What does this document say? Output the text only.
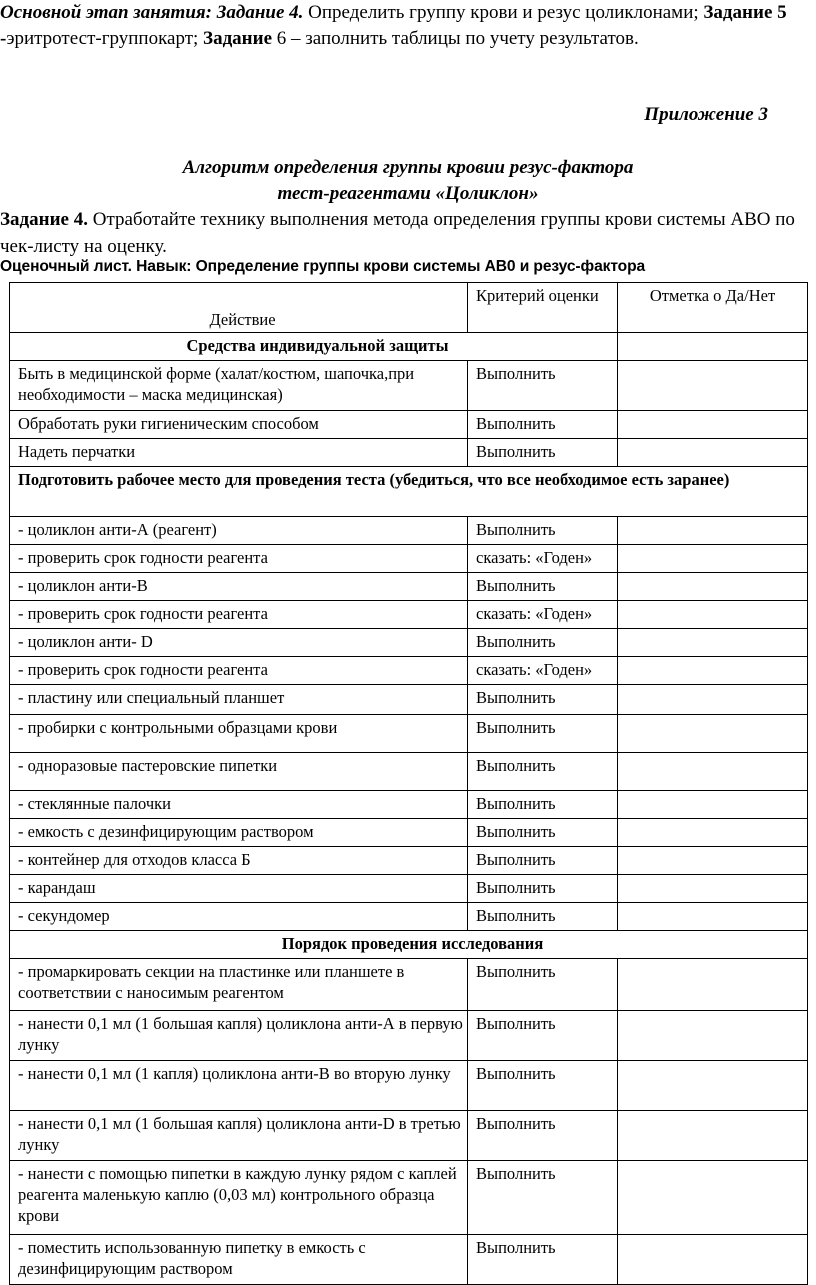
Основной этап занятия: Задание 4. Определить группу крови и резус цоликлонами; Задание 5 -эритротест-группокарт; Задание 6 – заполнить таблицы по учету результатов.
Приложение 3
Алгоритм определения группы кровии резус-фактора
тест-реагентами «Цоликлон»
Задание 4. Отработайте технику выполнения метода определения группы крови системы АВО по чек-листу на оценку.
Оценочный лист. Навык: Определение группы крови системы АВ0 и резус-фактора
Действие	Критерий оценки	Отметка о Да/Нет
Средства индивидуальной защиты		
Быть в медицинской форме (халат/костюм, шапочка,при необходимости – маска медицинская)	Выполнить	
Обработать руки гигиеническим способом	Выполнить	
Надеть перчатки	Выполнить	
Подготовить рабочее место для проведения теста (убедиться, что все необходимое есть заранее)		
- цоликлон анти-А (реагент)	Выполнить	
- проверить срок годности реагента	сказать: «Годен»	
- цоликлон анти-В	Выполнить	
- проверить срок годности реагента	сказать: «Годен»	
- цоликлон анти- D	Выполнить	
- проверить срок годности реагента	сказать: «Годен»	
- пластину или специальный планшет	Выполнить	
- пробирки с контрольными образцами крови	Выполнить	
- одноразовые пастеровские пипетки	Выполнить	
- стеклянные палочки	Выполнить	
- емкость с дезинфицирующим раствором	Выполнить	
- контейнер для отходов класса Б	Выполнить	
- карандаш	Выполнить	
- секундомер	Выполнить	
Порядок проведения исследования		
- промаркировать секции на пластинке или планшете в соответствии с наносимым реагентом	Выполнить	
- нанести 0,1 мл (1 большая капля) цоликлона анти-А в первую лунку	Выполнить	
- нанести 0,1 мл (1 капля) цоликлона анти-В во вторую лунку	Выполнить	
- нанести 0,1 мл (1 большая капля) цоликлона анти-D в третью лунку	Выполнить	
- нанести с помощью пипетки в каждую лунку рядом с каплей реагента маленькую каплю (0,03 мл) контрольного образца крови	Выполнить	
- поместить использованную пипетку в емкость с дезинфицирующим раствором	Выполнить	
